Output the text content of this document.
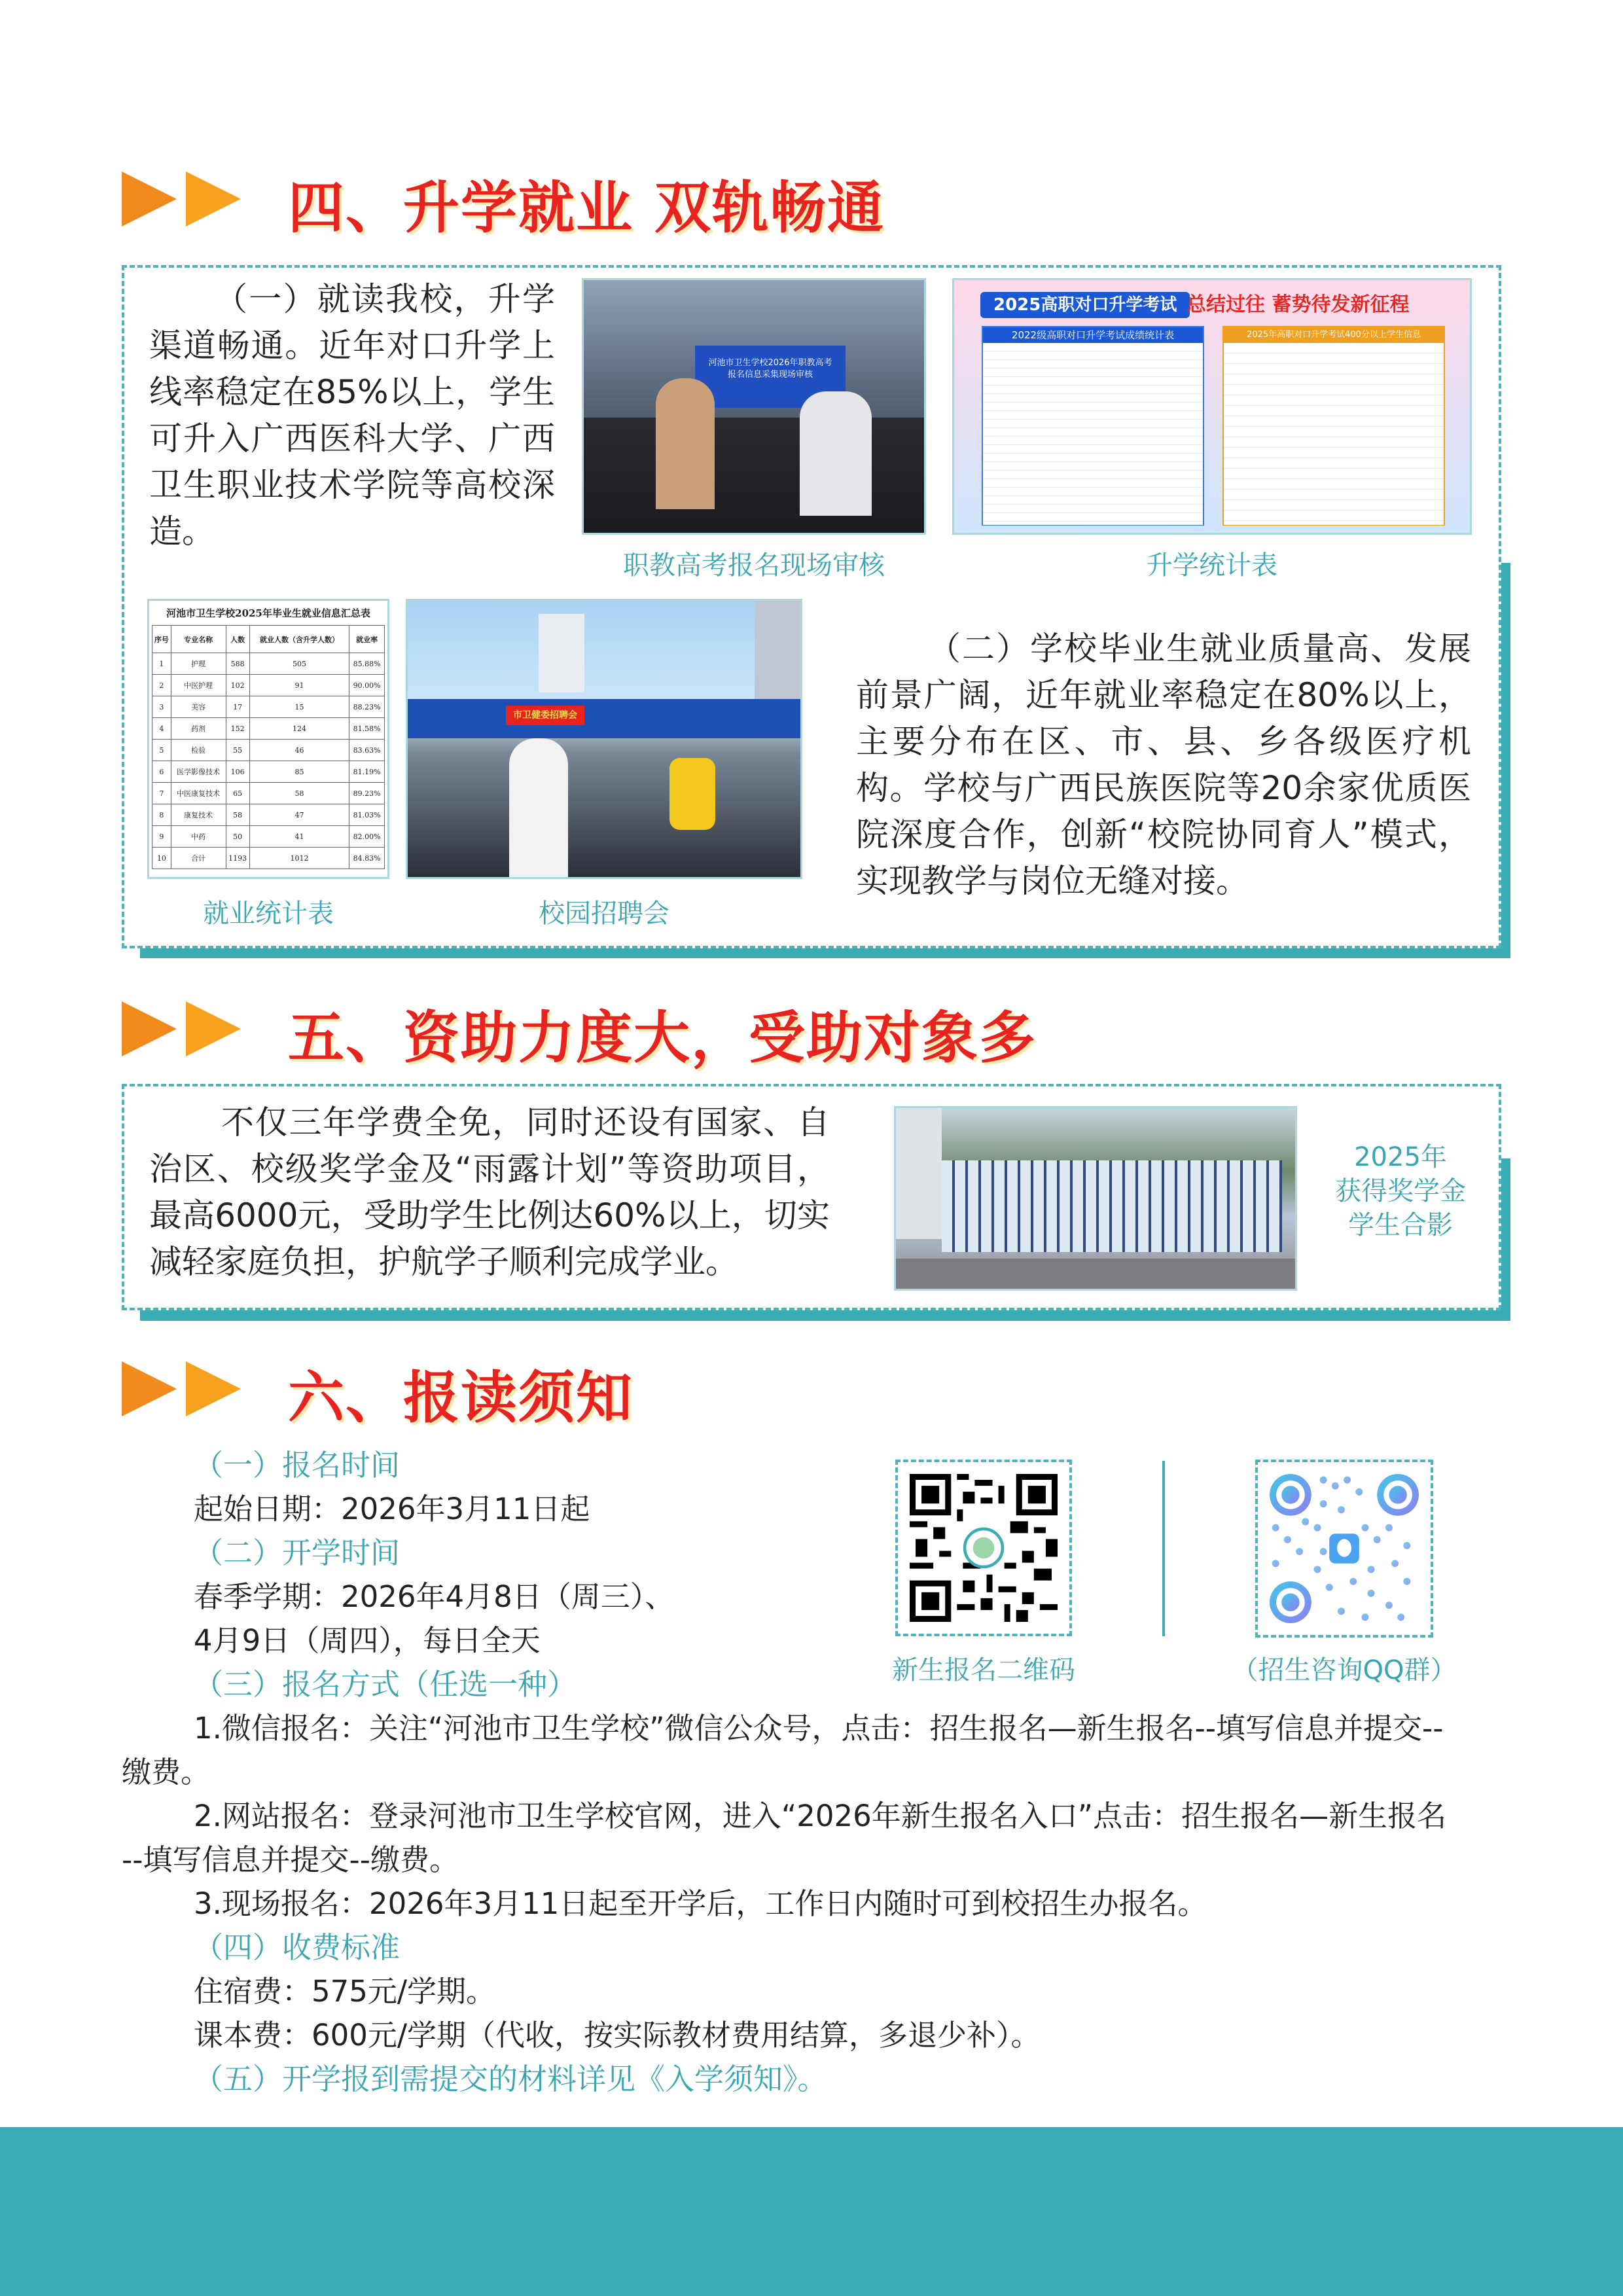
四、升学就业 双轨畅通
（一）就读我校，升学渠道畅通。近年对口升学上线率稳定在85%以上，学生可升入广西医科大学、广西卫生职业技术学院等高校深造。
河池市卫生学校2026年职教高考报名信息采集现场审核
职教高考报名现场审核
2025高职对口升学考试 总结过往 蓄势待发新征程
2022级高职对口升学考试成绩统计表	2025年高职对口升学考试400分以上学生信息
升学统计表
河池市卫生学校2025年毕业生就业信息汇总表
序号	专业名称	人数	就业人数（含升学人数）	就业率
1	护理	588	505	85.88%
2	中医护理	102	91	90.00%
3	美容	17	15	88.23%
4	药剂	152	124	81.58%
5	检验	55	46	83.63%
6	医学影像技术	106	85	81.19%
7	中医康复技术	65	58	89.23%
8	康复技术	58	47	81.03%
9	中药	50	41	82.00%
10	合计	1193	1012	84.83%
就业统计表
市卫健委招聘会
校园招聘会
（二）学校毕业生就业质量高、发展前景广阔，近年就业率稳定在80%以上，主要分布在区、市、县、乡各级医疗机构。学校与广西民族医院等20余家优质医院深度合作，创新“校院协同育人”模式，实现教学与岗位无缝对接。
五、资助力度大，受助对象多
不仅三年学费全免，同时还设有国家、自治区、校级奖学金及“雨露计划”等资助项目，最高6000元，受助学生比例达60%以上，切实减轻家庭负担，护航学子顺利完成学业。
2025年
获得奖学金
学生合影
六、报读须知
（一）报名时间
起始日期：2026年3月11日起
（二）开学时间
春季学期：2026年4月8日（周三）、
4月9日（周四），每日全天
（三）报名方式（任选一种）
1.微信报名：关注“河池市卫生学校”微信公众号，点击：招生报名—新生报名--填写信息并提交--
缴费。
2.网站报名：登录河池市卫生学校官网，进入“2026年新生报名入口”点击：招生报名—新生报名
--填写信息并提交--缴费。
3.现场报名：2026年3月11日起至开学后，工作日内随时可到校招生办报名。
（四）收费标准
住宿费：575元/学期。
课本费：600元/学期（代收，按实际教材费用结算，多退少补）。
（五）开学报到需提交的材料详见《入学须知》。
新生报名二维码	（招生咨询QQ群）
